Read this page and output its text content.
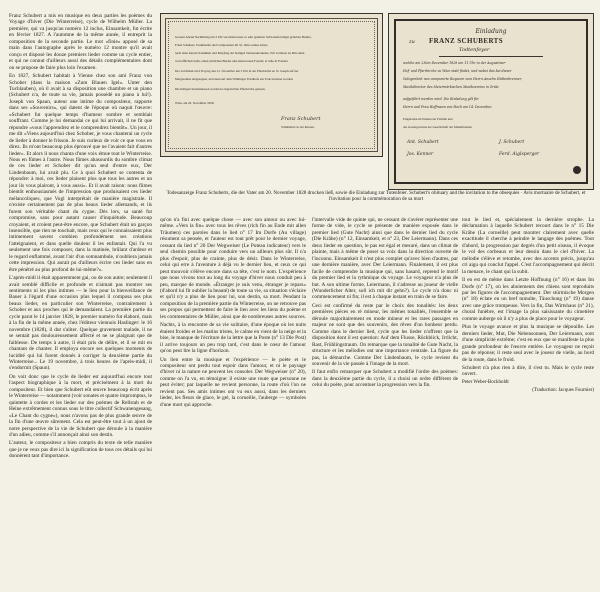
Franz Schubert a mis en musique en deux parties les poèmes du Voyage d'hiver (Die Winterreise), cycle de Wilhelm Müller. La première, qui va jusqu'au numéro 12 inclus, Einsamkeit, fut écrite en février 1827. A l'automne de la même année, il entreprit la composition de la seconde partie. Le mot «finie» apposé de sa main dans l'autographe après le numéro 12 montre qu'il avait conçu et disposé les douze premiers lieder comme un cycle entier, et qui ne connut d'ailleurs aussi des détails complémentaires dont on se propose de faire plus loin l'examen.

En 1827, Schubert habitait à Vienne chez son ami Franz von Schober (dans la maison «Zum Blauen Igel». Unter den Tuchlauben), où il avait à sa disposition une chambre et un piano (Schubert n'a, de toute sa vie, jamais possédé un piano à lui!). Joseph von Spaun, auteur une intime du compositeur, rapporte dans ses «Souvenirs», qui datent de l'époque où naquit l'œuvre: «Schubert fut quelque temps d'humeur sombre et semblait souffrant. Comme je lui demandai ce qui lui arrivait, il ne fit que répondre «vous l'apprendrez et le comprendrez bientôt». Un jour, il me dit «Viens aujourd'hui chez Schober, je vous chanterai un cycle de lieder à donner le frisson. Je suis curieux de voir ce que vous en direz. Ils m'ont beaucoup plus éprouvé que ne l'avaient fait d'autres lieder». Et alors il nous chanta d'une voix émue tout le Winterreise. Nous en fûmes à l'autre. Nous fûmes abasourdis du sombre climat de ces lieder et Schober dit qu'un seul d'entre eux, Der Lindenbaum, lui avait plu. Ce à quoi Schubert se contenta de répondre: à moi, ces lieder plaisent plus que tous les autres et un jour ils vous plairont, à vous aussi». Et il avait raison: nous fûmes bientôt enthousiasmés de l'impression que produisaient ces lieder mélancoliques, que Vogl interprétait de manière magistrale. Il n'existe certainement pas de plus beaux lieder allemands, et ils furent son véritable chant du cygne. Dès lors, sa santé fut compromise, sans pour autant causer d'inquiétude. Beaucoup croyaient, et croient peut-être encore, que Schubert était un garçon insensible, que rien ne touchait, mais ceux qui le connaissaient plus intimement savent combien profondément ses créations l'atteignaient, et dans quelle douleur il les enfantait. Qui l'a vu seulement une fois composer, dans la matinée, brûlant d'ardeur et le regard enflammé, avant l'air d'un somnambule, n'oubliera jamais cette impression. Qui aurait pu d'ailleurs écrire ces lieder sans en être pénétré au plus profond de lui-même?».

L'après-midi il était apparemment gai, ou de son autre; seulement il avait semblé difficile et profonde et n'aimait pas montrer ses sentiments ni les plus intimes — le lieu pour la bienveillance de Bauer à l'égard d'une occasion plus lequel il composa ses plus beaux lieder, en particulier son Winterreise, contrairement à Schober et aux proches qui le demandaient. La première partie du cycle parut le 14 janvier 1828, le premier numéro fut élaboré, mais à la fin de la même année, chez l'éditeur viennois Haslinger: le 16 novembre (1828), il dut s'aliter. Quelque gravement malade, il ne se sentait pas douloureusement affecté et ne se plaignait que de faiblesse. De temps à autre, il était pris de délire, et il se mit en chantant de chanter. Il employa encore ses quelques moments de lucidité qui lui furent donnés à corriger la deuxième partie du Winterreise... Le 19 novembre, à trois heures de l'après-midi, il s'endormit (Spaun).

On voit donc que le cycle de lieder est aujourd'hui encore tout l'aspect biographique à la mort, et précisément à la mort du compositeur. Et bien que Schubert eût œuvre beaucoup écrit après le Winterreise — notamment (voir sonates et quatre impromptus, le quintette à cordes et les lieder sur des poèmes de Rellstab et de Heine extrêmement connus sous le titre collectif Schwanengesang, «Le Chant du cygne»), nous n'avons pas de plus grande œuvre de la fin d'une œuvre sûrement. Cela est peut-être tout à un ajout de notre perspective de la vie de Schubert que déroule à la manière d'un adieu, comme s'il annonçait ainsi son destin.

L'auteur, le compositeur a bien compris du texte de telle manière que je ne veux pas dire ici la signification de tous ces détails qui lui donnèrent tant d'importance.

Gestern Abend Nachmittag um 3 Uhr verschied unser so sehr geliebter Sohn mein innigst geliebter Bruder,
Franz Schubert, Tonkünstler und Compositeur im 32. Jahre seines Alters,
nach einer kurzen Krankheit und Empfang der heiligen Sterbesakramente. Wir verlieren an ihm einen
vortrefflichen Sohn, einen zärtlichen Bruder und einen treuen Freund; er ruhe in Frieden.
Der Leichnam wird Freytag den 21. November um 3 Uhr in der Pfarrkirche zu St. Joseph auf der
Margarethen eingesegnet, und dann auf dem Währinger Friedhofe zur Erde bestattet werden.
Die heiligen Seelenmessen werden in obgedachter Pfarrkirche gelesen.
Wien, am 20. November 1828.
Franz Schubert
Schullehrer in der Rossau.
Einladung
zu	FRANZ SCHUBERTS
Todtenfeyer
welche am 23ten Dezember 1828 um 11 Uhr in der Augustiner-
Hof- und Pfarrkirche zu Wien statt findet, und wobei das bei dieser
Gelegenheit neu componirte Requiem vom Herrn Anselm Hüttenbrenner,
Musikdirector des Steiermärkischen Musikvereins in Grätz
aufgeführt werden wird. Die Einladung gilt für
Herrn und Frau Hoffmann von Hoch am 14. Dezember.
Eingeladen im Namen der Familie und
des Gesangvereins der Gesellschaft der Musikfreunde
Ant. Schubert	J. Schubert
Jos. Kenner	Ferd. Aiglsperger

Todesanzeige Franz Schuberts, die der Vater am 20. November 1828 drucken ließ, sowie die Einladung zur Totenfeier. Schubert's obituary and the invitation to the obsequies · Avis mortuaire de Schubert, et l'invitation pour la commémoration de sa mort

qu'on n'a fini avec quelque chose — avec son amour ou avec lui-même. «Vers la fin» avec tous les rêves (rich fin au Ende mit allen Träumen) ces paroles dans le lied n° 17 Im Dorfe (Au village) résument sa pensée, et l'auteur est tout prêt pour le dernier voyage, cessant du lied n° 20 Der Wegweiser (Le Poteau indicateur) vers le seul chemin possible pour conduire vers un ailleurs plus sûr. Il n'a plus d'espoir, plus de crainte, plus de désir. Dans le Winterreise, celui qui erre à l'aventure à déjà vu le dernier lieu, et ceux ce qui peut mouvoir s'élève encore dans sa tête, c'est le nom. L'expérience que nous vivons tout au long du voyage d'hiver nous conduit peu à peu, marque de monde. «Étranger je suis venu, étranger je repars» (d'abord lui fit oublier la beauté) de toute sa vie, sa situation s'éclaire et qu'il n'y a plus de lieu pour lui, son destin, sa mort. Pendant la composition de la première partie du Winterreise, on ne retrouve pas ses propos qui permettent de faire le lien avec les liens du poème et les commentaires de Müller, ainsi que de nombreuses autres sources.

Nachts, à la rencontre de sa vie solitaire, d'une époque où les nuits étaient froides et les matins tristes, le calme en vient de la neige et la bise, le manque de l'écriture de la lettre que la Poste (n° 13 Die Post) il arrive toujours un peu trop tard, c'est dans le cœur de l'amour qu'on peut lire la ligne d'horizon.

Un lien entre la musique et l'expérience — le poète et le compositeur ont perdu tout espoir dans l'amour, et ni le paysage d'hiver ni la nature ne peuvent les consoler. Der Wegweiser (n° 20), comme on l'a vu, en témoigne: il existe une route que personne ne peut éviter; par laquelle ne revient personne, la route d'où l'on ne revient pas. Ses amis intimes ont vu eux aussi, dans les derniers lieder, les fleurs de glace, le gel, la corneille, l'auberge — symboles d'une mort qui approche.

l'intervalle vide de quinte qui, ne cessant de s'avérer représenter une forme de vide, le cycle se présente de manière exposée dans le premier lied (Gute Nacht) ainsi que dans le dernier lied du cycle (Die Krähe) (n° 12, Einsamkeit, et n° 23, Der Leiermann). Dans ces deux lieder en question, le pas est égal et mesuré, dans un climat de plainte, mais à même de poser sa voix dans la direction ouverte de l'inconnu. Einsamkeit il n'est plus complet qu'avec bien d'autres, par une dernière manière, avec Der Leiermann. Finalement, il est plus facile de comprendre la musique qui, sans hasard, reprend le motif du premier lied et la rythmique du voyage. Le voyageur n'a plus de but. A son ultime forme, Leiermann, il s'adresse au joueur de vielle (Wunderlicher Alter, soll ich mit dir gehn?). Le cycle n'a donc ni commencement ni fin; il est à chaque instant en train de se faire.

Ceci est confirmé du reste par le choix des tonalités: les deux premières pièces en ré mineur, les mêmes tonalités, l'ensemble se déroule majoritairement en mode mineur et les rares passages en majeur ne sont que des souvenirs, des rêves d'un bonheur perdu. Comme dans le dernier lied, cycle que les lieder n'offrent que la disposition dont il est question: Auf dem Flusse, Rückblick, Irrlicht, Rast, Frühlingstraum. On remarque que la tonalité de Gute Nacht, la structure et les mélodies ont une importance centrale. La figure du pas, la démarche. Comme Der Lindenbaum, le cycle revient du souvenir de la vie passée à l'image de la mort.

Il faut enfin remarquer que Schubert a modifié l'ordre des poèmes: dans la deuxième partie du cycle, il a choisi un ordre différent de celui du poète, pour accentuer la progression vers la fin.

tout le lied et, spécialement la dernière strophe. La déclamation à laquelle Schubert recourt dans le n° 15 Die Krähe (La corneille) peut montrer clairement avec quelle exactitude il cherche à peindre le langage des poèmes. Tout d'abord, la progression par degrés d'un petit oiseau, il évoque le vol des corbeaux et leur dessin dans le ciel d'hiver. La mélodie s'élève et retombe, avec des accents précis, jusqu'au cri aigu qui conclut l'appel. C'est l'accompagnement qui décrit la menace, le chant qui la subit.

Il en est de même dans Letzte Hoffnung (n° 16) et dans Im Dorfe (n° 17), où les aboiements des chiens sont reproduits par les figures de l'accompagnement. Der stürmische Morgen (n° 18) éclate en un bref tumulte, Täuschung (n° 19) danse avec une grâce trompeuse. Vers la fin, Das Wirtshaus (n° 21), choral funèbre, est l'image la plus saisissante du cimetière comme auberge où il n'y a plus de place pour le voyageur.

Plus le voyage avance et plus la musique se dépouille. Les derniers lieder, Mut, Die Nebensonnen, Der Leiermann, sont d'une simplicité extrême; c'est en eux que se manifeste la plus grande profondeur de l'œuvre entière. Le voyageur ne reçoit pas de réponse; il reste seul avec le joueur de vielle, au bord de la route, dans le froid.

Schubert n'a plus rien à dire, il s'est tu. Mais le cycle reste ouvert.

Peter Weber-Bockholdt

(Traduction: Jacques Fournier)
